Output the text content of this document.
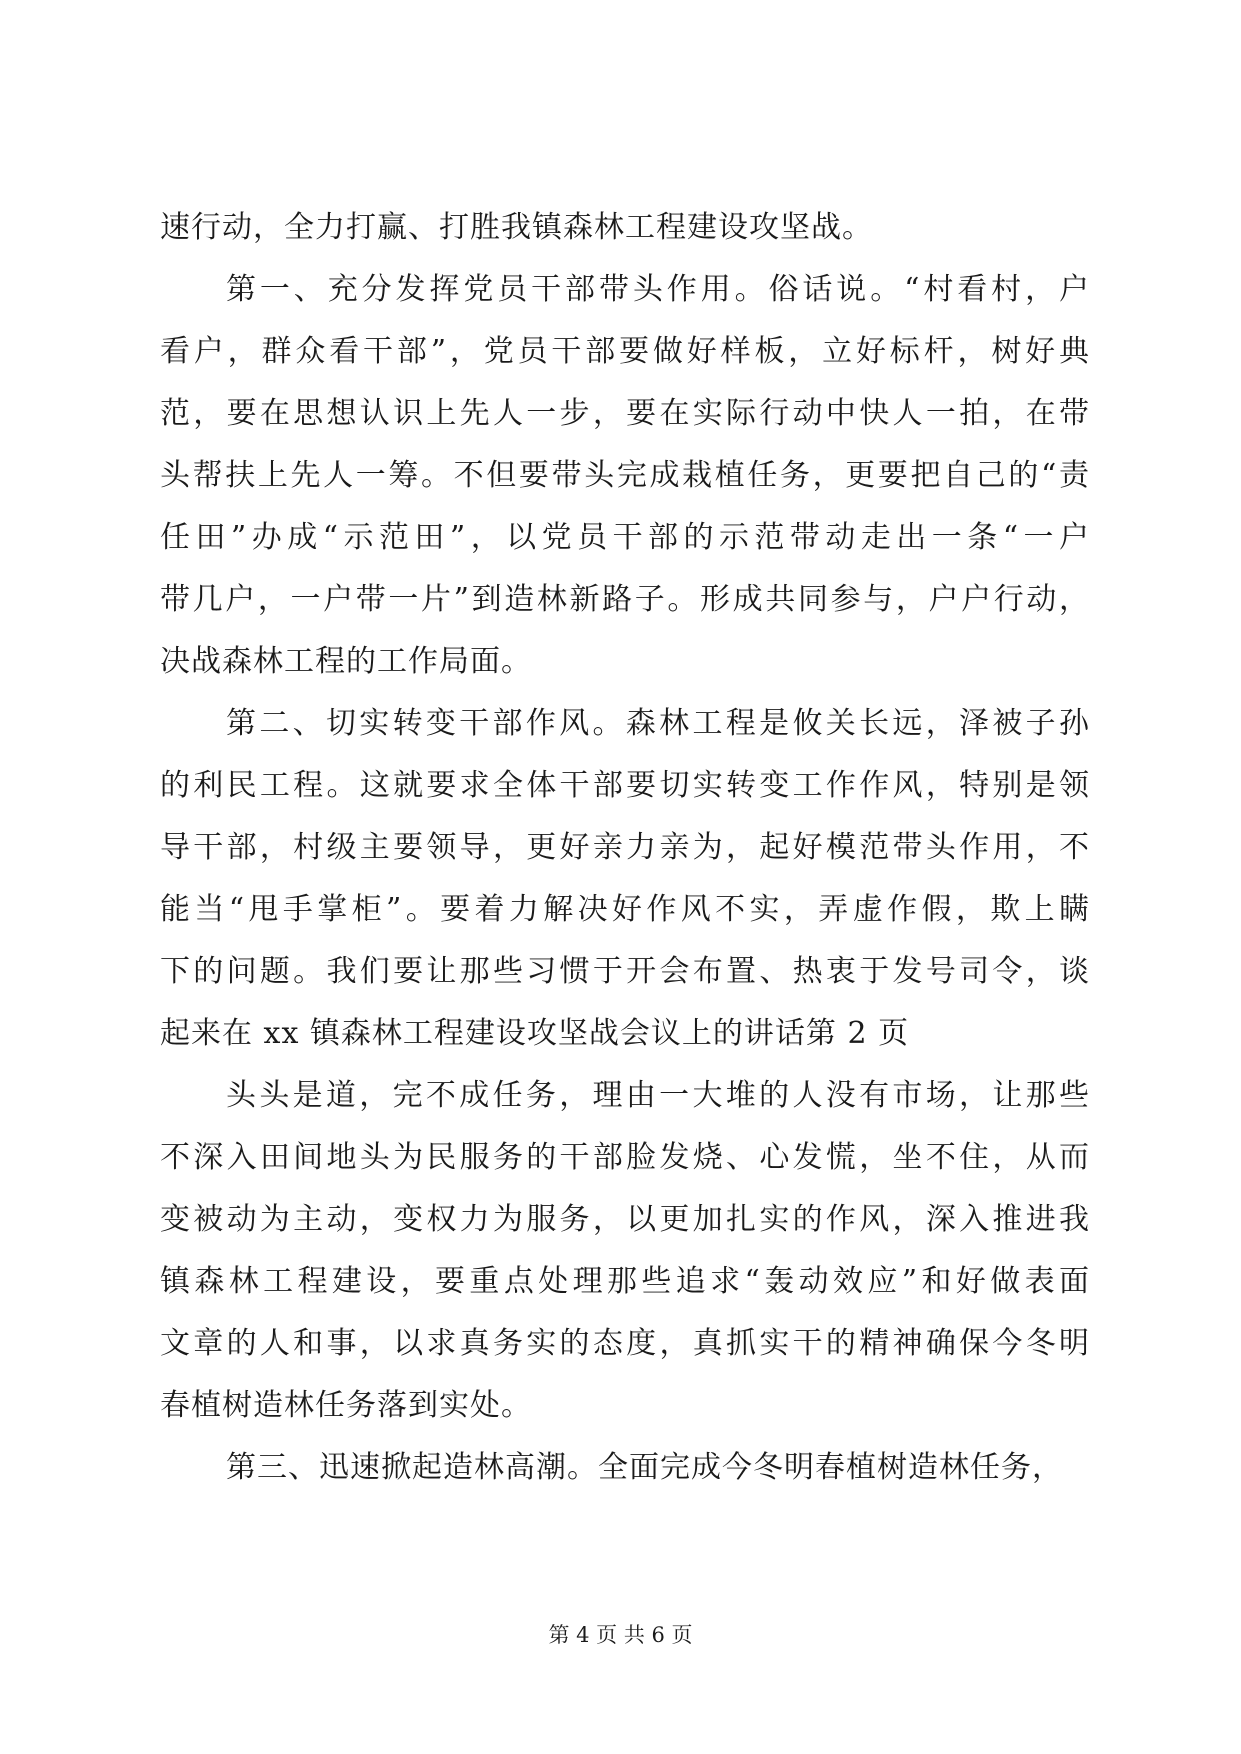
速行动，全力打赢、打胜我镇森林工程建设攻坚战。
第一、充分发挥党员干部带头作用。俗话说。“村看村，户
看户，群众看干部”，党员干部要做好样板，立好标杆，树好典
范，要在思想认识上先人一步，要在实际行动中快人一拍，在带
头帮扶上先人一筹。不但要带头完成栽植任务，更要把自己的“责
任田”办成“示范田”，以党员干部的示范带动走出一条“一户
带几户，一户带一片”到造林新路子。形成共同参与，户户行动，
决战森林工程的工作局面。
第二、切实转变干部作风。森林工程是攸关长远，泽被子孙
的利民工程。这就要求全体干部要切实转变工作作风，特别是领
导干部，村级主要领导，更好亲力亲为，起好模范带头作用，不
能当“甩手掌柜”。要着力解决好作风不实，弄虚作假，欺上瞒
下的问题。我们要让那些习惯于开会布置、热衷于发号司令，谈
起来在 xx 镇森林工程建设攻坚战会议上的讲话第 2 页
头头是道，完不成任务，理由一大堆的人没有市场，让那些
不深入田间地头为民服务的干部脸发烧、心发慌，坐不住，从而
变被动为主动，变权力为服务，以更加扎实的作风，深入推进我
镇森林工程建设，要重点处理那些追求“轰动效应”和好做表面
文章的人和事，以求真务实的态度，真抓实干的精神确保今冬明
春植树造林任务落到实处。
第三、迅速掀起造林高潮。全面完成今冬明春植树造林任务，
第 4 页 共 6 页
